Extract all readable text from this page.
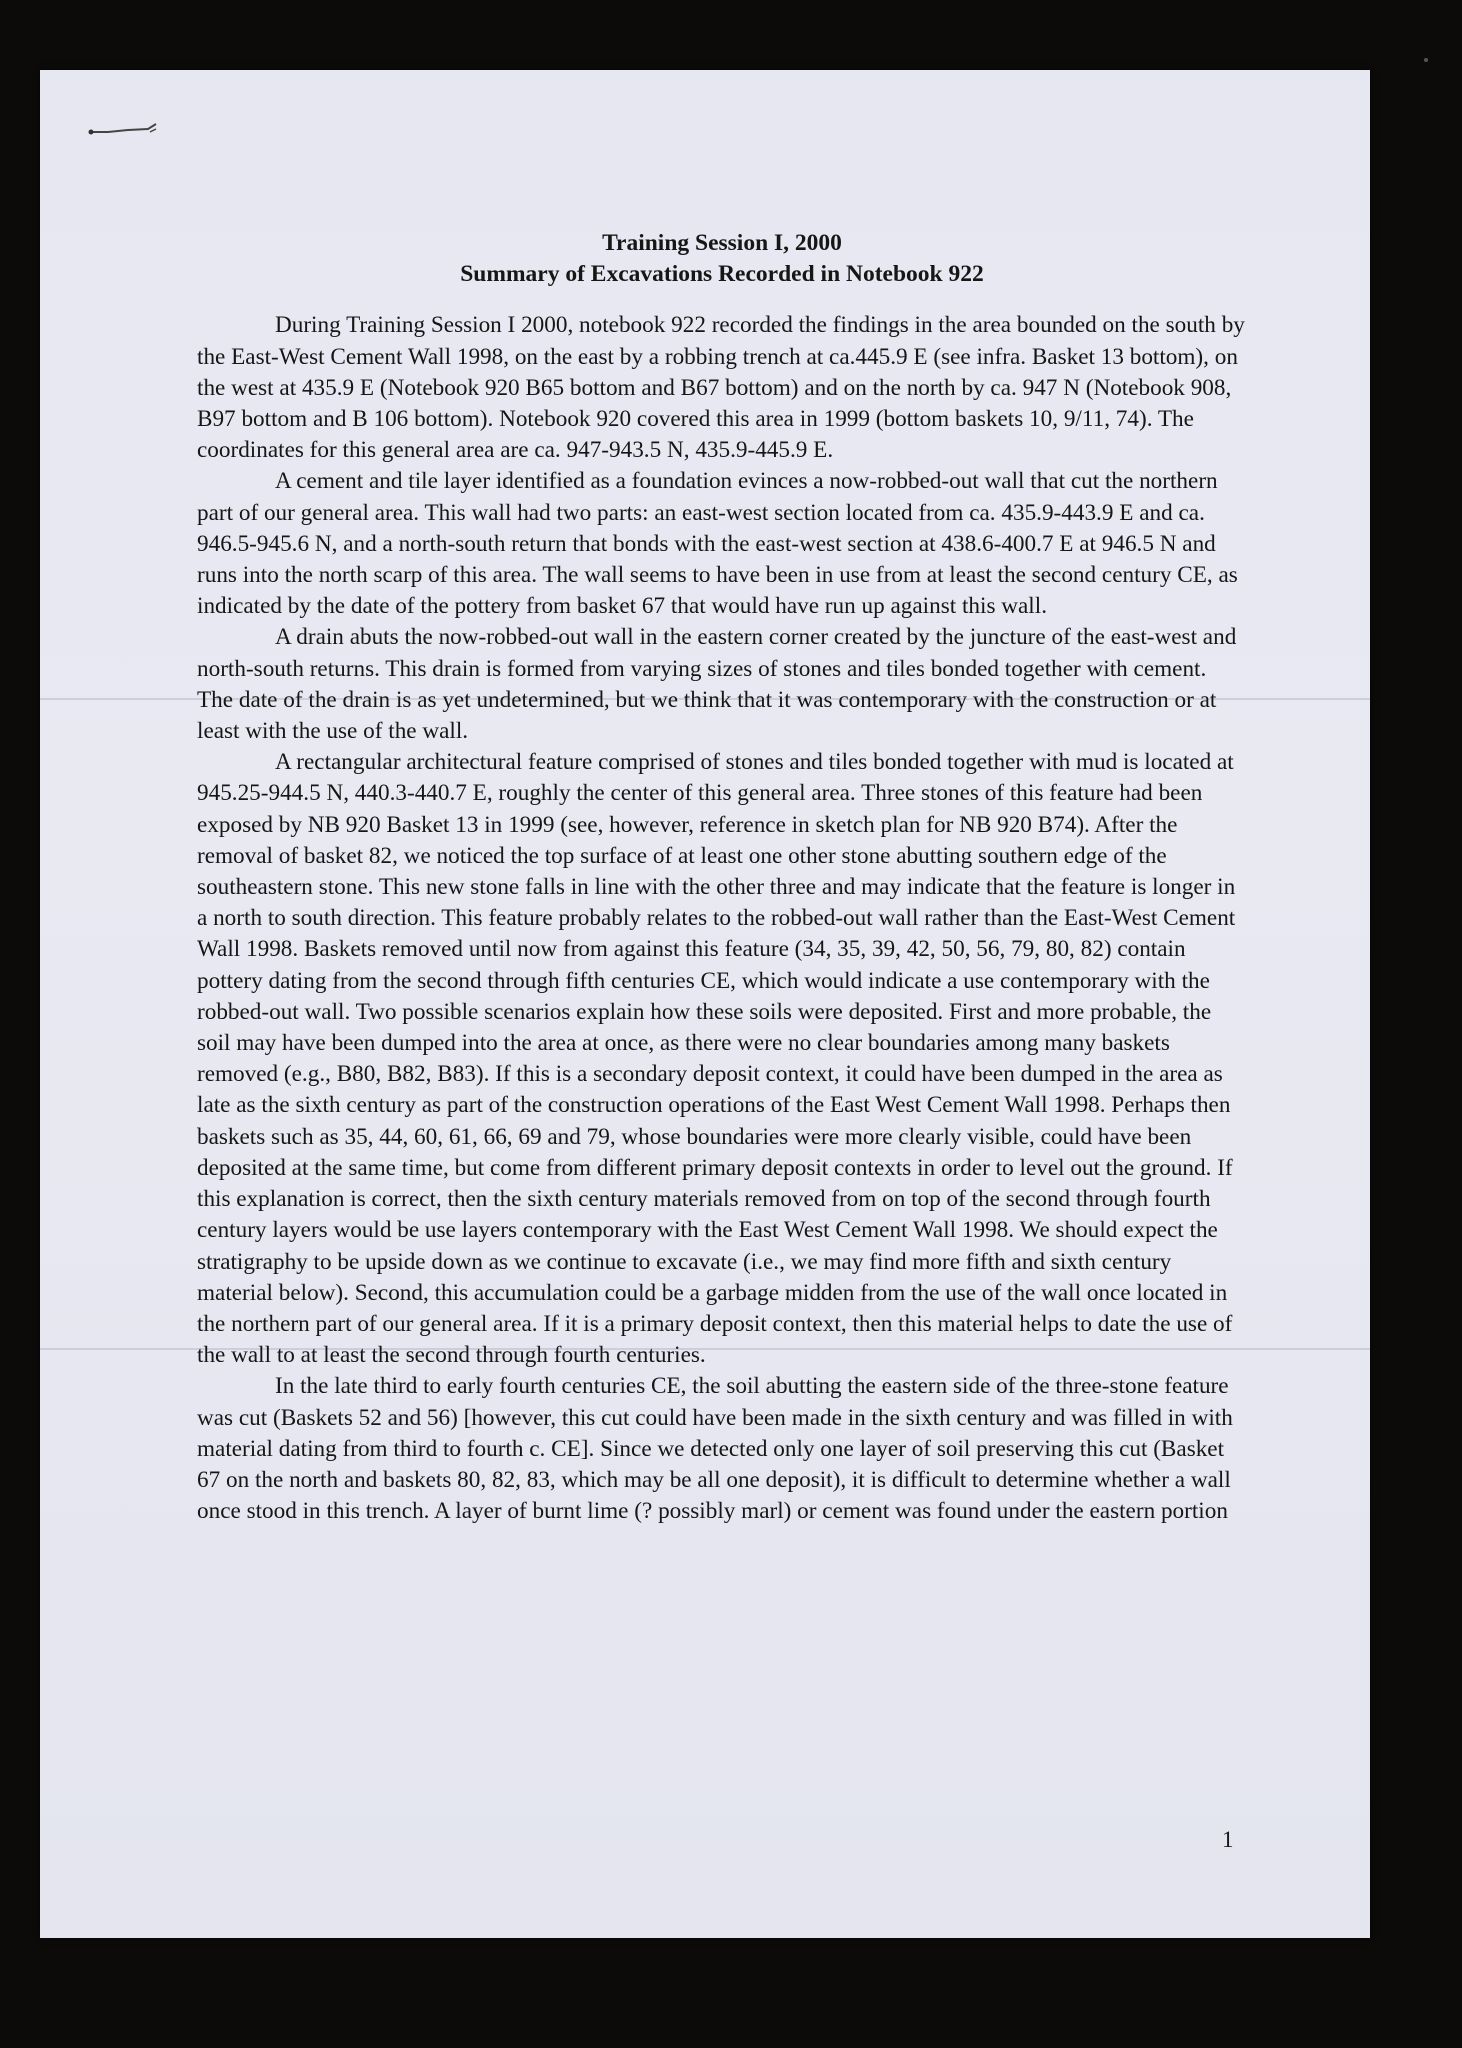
Training Session I, 2000

Summary of Excavations Recorded in Notebook 922

During Training Session I 2000, notebook 922 recorded the findings in the area bounded on the south by the East-West Cement Wall 1998, on the east by a robbing trench at ca.445.9 E (see infra. Basket 13 bottom), on the west at 435.9 E (Notebook 920 B65 bottom and B67 bottom) and on the north by ca. 947 N (Notebook 908, B97 bottom and B 106 bottom). Notebook 920 covered this area in 1999 (bottom baskets 10, 9/11, 74). The coordinates for this general area are ca. 947-943.5 N, 435.9-445.9 E.

A cement and tile layer identified as a foundation evinces a now-robbed-out wall that cut the northern part of our general area. This wall had two parts: an east-west section located from ca. 435.9-443.9 E and ca. 946.5-945.6 N, and a north-south return that bonds with the east-west section at 438.6-400.7 E at 946.5 N and runs into the north scarp of this area. The wall seems to have been in use from at least the second century CE, as indicated by the date of the pottery from basket 67 that would have run up against this wall.

A drain abuts the now-robbed-out wall in the eastern corner created by the juncture of the east-west and north-south returns. This drain is formed from varying sizes of stones and tiles bonded together with cement. The date of the drain is as yet undetermined, but we think that it was contemporary with the construction or at least with the use of the wall.

A rectangular architectural feature comprised of stones and tiles bonded together with mud is located at 945.25-944.5 N, 440.3-440.7 E, roughly the center of this general area. Three stones of this feature had been exposed by NB 920 Basket 13 in 1999 (see, however, reference in sketch plan for NB 920 B74). After the removal of basket 82, we noticed the top surface of at least one other stone abutting southern edge of the southeastern stone. This new stone falls in line with the other three and may indicate that the feature is longer in a north to south direction. This feature probably relates to the robbed-out wall rather than the East-West Cement Wall 1998. Baskets removed until now from against this feature (34, 35, 39, 42, 50, 56, 79, 80, 82) contain pottery dating from the second through fifth centuries CE, which would indicate a use contemporary with the robbed-out wall. Two possible scenarios explain how these soils were deposited. First and more probable, the soil may have been dumped into the area at once, as there were no clear boundaries among many baskets removed (e.g., B80, B82, B83). If this is a secondary deposit context, it could have been dumped in the area as late as the sixth century as part of the construction operations of the East West Cement Wall 1998. Perhaps then baskets such as 35, 44, 60, 61, 66, 69 and 79, whose boundaries were more clearly visible, could have been deposited at the same time, but come from different primary deposit contexts in order to level out the ground. If this explanation is correct, then the sixth century materials removed from on top of the second through fourth century layers would be use layers contemporary with the East West Cement Wall 1998. We should expect the stratigraphy to be upside down as we continue to excavate (i.e., we may find more fifth and sixth century material below). Second, this accumulation could be a garbage midden from the use of the wall once located in the northern part of our general area. If it is a primary deposit context, then this material helps to date the use of the wall to at least the second through fourth centuries.

In the late third to early fourth centuries CE, the soil abutting the eastern side of the three-stone feature was cut (Baskets 52 and 56) [however, this cut could have been made in the sixth century and was filled in with material dating from third to fourth c. CE]. Since we detected only one layer of soil preserving this cut (Basket 67 on the north and baskets 80, 82, 83, which may be all one deposit), it is difficult to determine whether a wall once stood in this trench. A layer of burnt lime (? possibly marl) or cement was found under the eastern portion

1
